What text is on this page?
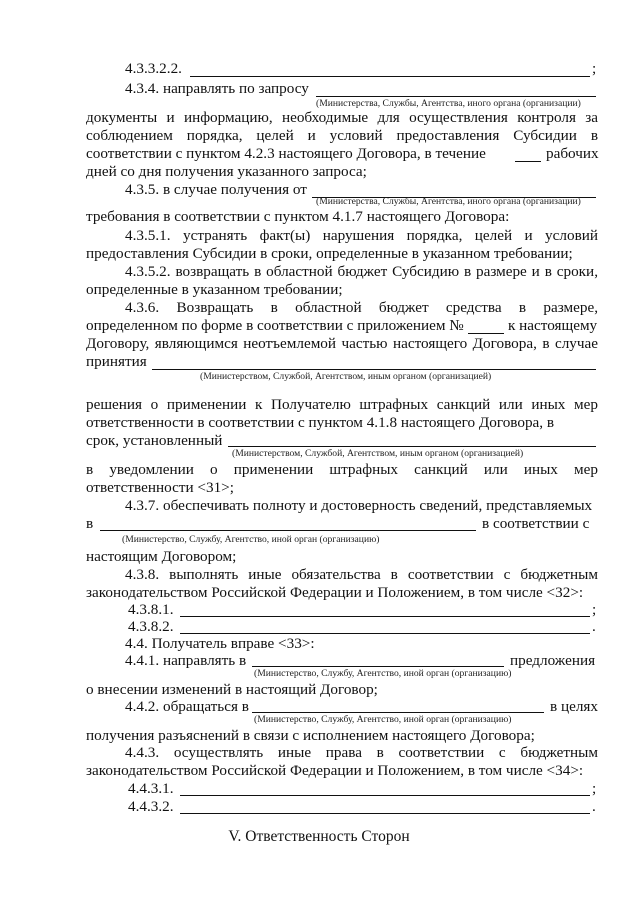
4.3.3.2.2.	;
4.3.4. направлять по запросу
(Министерства, Службы, Агентства, иного органа (организации)
документы и информацию, необходимые для осуществления контроля за
соблюдением порядка, целей и условий предоставления Субсидии в
соответствии с пунктом 4.2.3 настоящего Договора, в течение	рабочих
дней со дня получения указанного запроса;
4.3.5. в случае получения от
(Министерства, Службы, Агентства, иного органа (организации)
требования в соответствии с пунктом 4.1.7 настоящего Договора:
4.3.5.1. устранять факт(ы) нарушения порядка, целей и условий
предоставления Субсидии в сроки, определенные в указанном требовании;
4.3.5.2. возвращать в областной бюджет Субсидию в размере и в сроки,
определенные в указанном требовании;
4.3.6. Возвращать в областной бюджет средства в размере,
определенном по форме в соответствии с приложением №	к настоящему
Договору, являющимся неотъемлемой частью настоящего Договора, в случае
принятия
(Министерством, Службой, Агентством, иным органом (организацией)
решения о применении к Получателю штрафных санкций или иных мер
ответственности в соответствии с пунктом 4.1.8 настоящего Договора, в
срок, установленный
(Министерством, Службой, Агентством, иным органом (организацией)
в уведомлении о применении штрафных санкций или иных мер
ответственности <31>;
4.3.7. обеспечивать полноту и достоверность сведений, представляемых
в	в соответствии с
(Министерство, Службу, Агентство, иной орган (организацию)
настоящим Договором;
4.3.8. выполнять иные обязательства в соответствии с бюджетным
законодательством Российской Федерации и Положением, в том числе <32>:
4.3.8.1.	;
4.3.8.2.	.
4.4. Получатель вправе <33>:
4.4.1. направлять в	предложения
(Министерство, Службу, Агентство, иной орган (организацию)
о внесении изменений в настоящий Договор;
4.4.2. обращаться в	в целях
(Министерство, Службу, Агентство, иной орган (организацию)
получения разъяснений в связи с исполнением настоящего Договора;
4.4.3. осуществлять иные права в соответствии с бюджетным
законодательством Российской Федерации и Положением, в том числе <34>:
4.4.3.1.	;
4.4.3.2.	.
V. Ответственность Сторон
